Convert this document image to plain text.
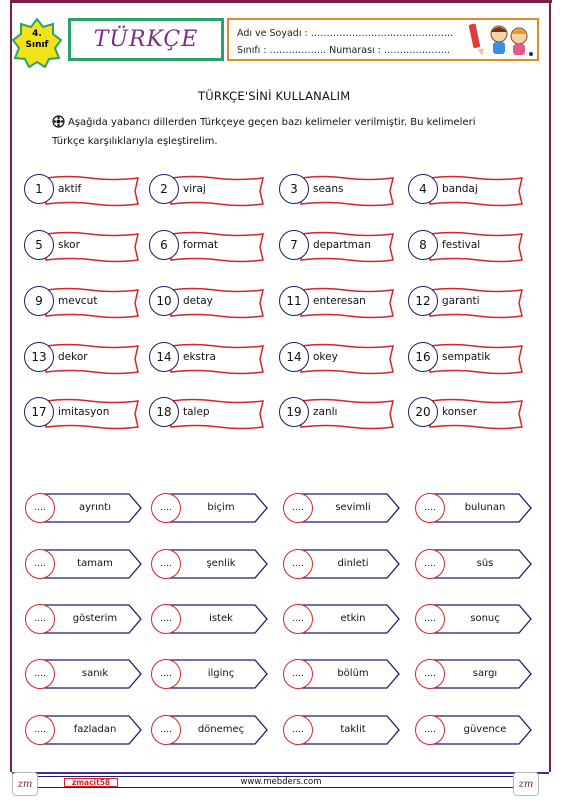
4.
Sınıf	TÜRKÇE	Adı ve Soyadı : ………………………………………
Sınıfı : ……………... Numarası : ………………...
TÜRKÇE'SİNİ KULLANALIM
Aşağıda yabancı dillerden Türkçeye geçen bazı kelimeler verilmiştir. Bu kelimeleri
Türkçe karşılıklarıyla eşleştirelim.
1	aktif	2	viraj	3	seans	4	bandaj
5	skor	6	format	7	departman	8	festival
9	mevcut	10	detay	11	enteresan	12	garanti
13	dekor	14	ekstra	14	okey	16	sempatik
17	imitasyon	18	talep	19	zanlı	20	konser
….	ayrıntı	….	biçim	….	sevimli	….	bulunan
….	tamam	….	şenlik	….	dinleti	….	süs
….	gösterim	….	istek	….	etkin	….	sonuç
….	sanık	….	ilginç	….	bölüm	….	sargı
….	fazladan	….	dönemeç	….	taklit	….	güvence
zmacit58	www.mebders.com
zm	zm
